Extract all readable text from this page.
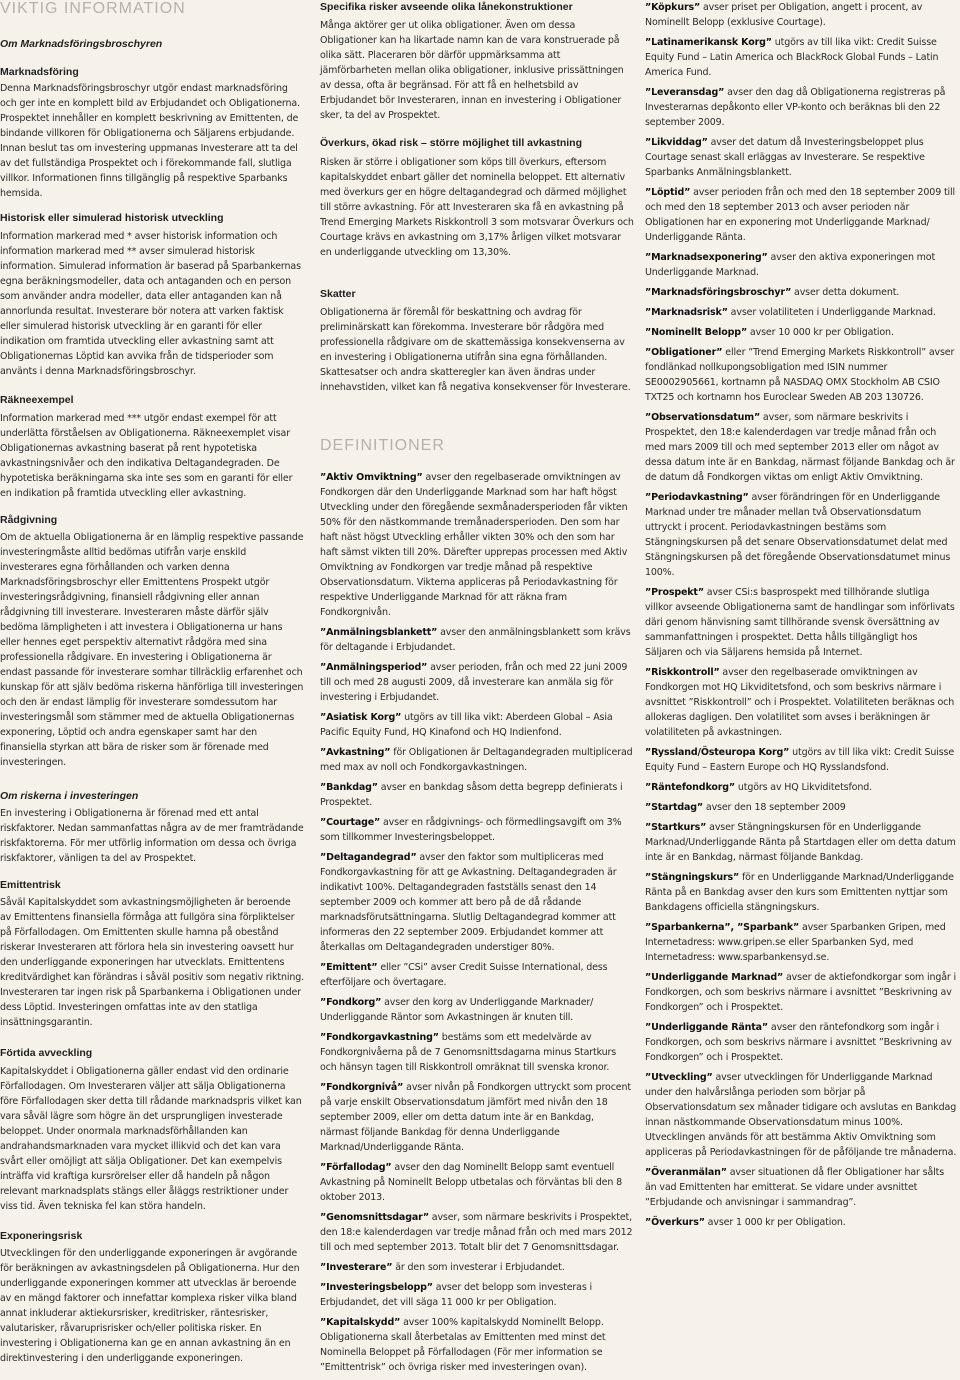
VIKTIG INFORMATION
Om Marknadsföringsbroschyren
Marknadsföring

Denna Marknadsföringsbroschyr utgör endast marknadsföring och ger inte en komplett bild av Erbjudandet och Obligationerna. Prospektet innehåller en komplett beskrivning av Emittenten, de bindande villkoren för Obligationerna och Säljarens erbjudande. Innan beslut tas om investering uppmanas Investerare att ta del av det fullständiga Prospektet och i förekommande fall, slutliga villkor. Informationen finns tillgänglig på respektive Sparbanks hemsida.

Historisk eller simulerad historisk utveckling

Information markerad med * avser historisk information och information markerad med ** avser simulerad historisk information. Simulerad information är baserad på Sparbankernas egna beräkningsmodeller, data och antaganden och en person som använder andra modeller, data eller antaganden kan nå annorlunda resultat. Investerare bör notera att varken faktisk eller simulerad historisk utveckling är en garanti för eller indikation om framtida utveckling eller avkastning samt att Obligationernas Löptid kan avvika från de tidsperioder som använts i denna Marknadsföringsbroschyr.

Räkneexempel

Information markerad med *** utgör endast exempel för att underlätta förståelsen av Obligationerna. Räkneexemplet visar Obligationernas avkastning baserat på rent hypotetiska avkastningsnivåer och den indikativa Deltagandegraden. De hypotetiska beräkningarna ska inte ses som en garanti för eller en indikation på framtida utveckling eller avkastning.

Rådgivning

Om de aktuella Obligationerna är en lämplig respektive passande investeringmåste alltid bedömas utifrån varje enskild investerares egna förhållanden och varken denna Marknadsföringsbroschyr eller Emittentens Prospekt utgör investeringsrådgivning, finansiell rådgivning eller annan rådgivning till investerare. Investeraren måste därför själv bedöma lämpligheten i att investera i Obligationerna ur hans eller hennes eget perspektiv alternativt rådgöra med sina professionella rådgivare. En investering i Obligationerna är endast passande för investerare somhar tillräcklig erfarenhet och kunskap för att själv bedöma riskerna hänförliga till investeringen och den är endast lämplig för investerare somdessutom har investeringsmål som stämmer med de aktuella Obligationernas exponering, Löptid och andra egenskaper samt har den finansiella styrkan att bära de risker som är förenade med investeringen.

Om riskerna i investeringen

En investering i Obligationerna är förenad med ett antal riskfaktorer. Nedan sammanfattas några av de mer framträdande riskfaktorerna. För mer utförlig information om dessa och övriga riskfaktorer, vänligen ta del av Prospektet.

Emittentrisk

Såväl Kapitalskyddet som avkastningsmöjligheten är beroende av Emittentens finansiella förmåga att fullgöra sina förpliktelser på Förfallodagen. Om Emittenten skulle hamna på obestånd riskerar Investeraren att förlora hela sin investering oavsett hur den underliggande exponeringen har utvecklats. Emittentens kreditvärdighet kan förändras i såväl positiv som negativ riktning. Investeraren tar ingen risk på Sparbankerna i Obligationen under dess Löptid. Investeringen omfattas inte av den statliga insättningsgarantin.

Förtida avveckling

Kapitalskyddet i Obligationerna gäller endast vid den ordinarie Förfallodagen. Om Investeraren väljer att sälja Obligationerna före Förfallodagen sker detta till rådande marknadspris vilket kan vara såväl lägre som högre än det ursprungligen investerade beloppet. Under onormala marknadsförhållanden kan andrahandsmarknaden vara mycket illikvid och det kan vara svårt eller omöjligt att sälja Obligationer. Det kan exempelvis inträffa vid kraftiga kursrörelser eller då handeln på någon relevant marknadsplats stängs eller åläggs restriktioner under viss tid. Även tekniska fel kan störa handeln.

Exponeringsrisk

Utvecklingen för den underliggande exponeringen är avgörande för beräkningen av avkastningsdelen på Obligationerna. Hur den underliggande exponeringen kommer att utvecklas är beroende av en mängd faktorer och innefattar komplexa risker vilka bland annat inkluderar aktiekursrisker, kreditrisker, räntesrisker, valutarisker, råvaruprisrisker och/eller politiska risker. En investering i Obligationerna kan ge en annan avkastning än en direktinvestering i den underliggande exponeringen.

Specifika risker avseende olika lånekonstruktioner

Många aktörer ger ut olika obligationer. Även om dessa Obligationer kan ha likartade namn kan de vara konstruerade på olika sätt. Placeraren bör därför uppmärksamma att jämförbarheten mellan olika obligationer, inklusive prissättningen av dessa, ofta är begränsad. För att få en helhetsbild av Erbjudandet bör Investeraren, innan en investering i Obligationer sker, ta del av Prospektet.

Överkurs, ökad risk – större möjlighet till avkastning

Risken är större i obligationer som köps till överkurs, eftersom kapitalskyddet enbart gäller det nominella beloppet. Ett alternativ med överkurs ger en högre deltagandegrad och därmed möjlighet till större avkastning. För att Investeraren ska få en avkastning på Trend Emerging Markets Riskkontroll 3 som motsvarar Överkurs och Courtage krävs en avkastning om 3,17% årligen vilket motsvarar en underliggande utveckling om 13,30%.

Skatter

Obligationerna är föremål för beskattning och avdrag för preliminärskatt kan förekomma. Investerare bör rådgöra med professionella rådgivare om de skattemässiga konsekvenserna av en investering i Obligationerna utifrån sina egna förhållanden. Skattesatser och andra skatteregler kan även ändras under innehavstiden, vilket kan få negativa konsekvenser för Investerare.

DEFINITIONER

”Aktiv Omviktning” avser den regelbaserade omviktningen av Fondkorgen där den Underliggande Marknad som har haft högst Utveckling under den föregående sexmånadersperioden får vikten 50% för den nästkommande tremånadersperioden. Den som har haft näst högst Utveckling erhåller vikten 30% och den som har haft sämst vikten till 20%. Därefter upprepas processen med Aktiv Omviktning av Fondkorgen var tredje månad på respektive Observationsdatum. Vikterna appliceras på Periodavkastning för respektive Underliggande Marknad för att räkna fram Fondkorgnivån.

”Anmälningsblankett” avser den anmälningsblankett som krävs för deltagande i Erbjudandet.

”Anmälningsperiod” avser perioden, från och med 22 juni 2009 till och med 28 augusti 2009, då investerare kan anmäla sig för investering i Erbjudandet.

”Asiatisk Korg” utgörs av till lika vikt: Aberdeen Global – Asia Pacific Equity Fund, HQ Kinafond och HQ Indienfond.

”Avkastning” för Obligationen är Deltagandegraden multiplicerad med max av noll och Fondkorgavkastningen.

”Bankdag” avser en bankdag såsom detta begrepp definierats i Prospektet.

”Courtage” avser en rådgivnings- och förmedlingsavgift om 3% som tillkommer Investeringsbeloppet.

”Deltagandegrad” avser den faktor som multipliceras med Fondkorgavkastning för att ge Avkastning. Deltagandegraden är indikativt 100%. Deltagandegraden fastställs senast den 14 september 2009 och kommer att bero på de då rådande marknadsförutsättningarna. Slutlig Deltagandegrad kommer att informeras den 22 september 2009. Erbjudandet kommer att återkallas om Deltagandegraden understiger 80%.

”Emittent” eller ”CSi” avser Credit Suisse International, dess efterföljare och övertagare.

”Fondkorg” avser den korg av Underliggande Marknader/ Underliggande Räntor som Avkastningen är knuten till.

”Fondkorgavkastning” bestäms som ett medelvärde av Fondkorgnivåerna på de 7 Genomsnittsdagarna minus Startkurs och hänsyn tagen till Riskkontroll omräknat till svenska kronor.

”Fondkorgnivå” avser nivån på Fondkorgen uttryckt som procent på varje enskilt Observationsdatum jämfört med nivån den 18 september 2009, eller om detta datum inte är en Bankdag, närmast följande Bankdag för denna Underliggande Marknad/Underliggande Ränta.

”Förfallodag” avser den dag Nominellt Belopp samt eventuell Avkastning på Nominellt Belopp utbetalas och förväntas bli den 8 oktober 2013.

”Genomsnittsdagar” avser, som närmare beskrivits i Prospektet, den 18:e kalenderdagen var tredje månad från och med mars 2012 till och med september 2013. Totalt blir det 7 Genomsnittsdagar.

”Investerare” är den som investerar i Erbjudandet.

”Investeringsbelopp” avser det belopp som investeras i Erbjudandet, det vill säga 11 000 kr per Obligation.

”Kapitalskydd” avser 100% kapitalskydd Nominellt Belopp. Obligationerna skall återbetalas av Emittenten med minst det Nominella Beloppet på Förfallodagen (För mer information se ”Emittentrisk” och övriga risker med investeringen ovan).

”Köpkurs” avser priset per Obligation, angett i procent, av Nominellt Belopp (exklusive Courtage).

”Latinamerikansk Korg” utgörs av till lika vikt: Credit Suisse Equity Fund – Latin America och BlackRock Global Funds – Latin America Fund.

”Leveransdag” avser den dag då Obligationerna registreras på Investerarnas depåkonto eller VP-konto och beräknas bli den 22 september 2009.

”Likviddag” avser det datum då Investeringsbeloppet plus Courtage senast skall erläggas av Investerare. Se respektive Sparbanks Anmälningsblankett.

”Löptid” avser perioden från och med den 18 september 2009 till och med den 18 september 2013 och avser perioden när Obligationen har en exponering mot Underliggande Marknad/ Underliggande Ränta.

”Marknadsexponering” avser den aktiva exponeringen mot Underliggande Marknad.

”Marknadsföringsbroschyr” avser detta dokument.

”Marknadsrisk” avser volatiliteten i Underliggande Marknad.

”Nominellt Belopp” avser 10 000 kr per Obligation.

”Obligationer” eller ”Trend Emerging Markets Riskkontroll” avser fondlänkad nollkupongsobligation med ISIN nummer SE0002905661, kortnamn på NASDAQ OMX Stockholm AB CSIO TXT25 och kortnamn hos Euroclear Sweden AB 203 130726.

”Observationsdatum” avser, som närmare beskrivits i Prospektet, den 18:e kalenderdagen var tredje månad från och med mars 2009 till och med september 2013 eller om något av dessa datum inte är en Bankdag, närmast följande Bankdag och är de datum då Fondkorgen viktas om enligt Aktiv Omviktning.

”Periodavkastning” avser förändringen för en Underliggande Marknad under tre månader mellan två Observationsdatum uttryckt i procent. Periodavkastningen bestäms som Stängningskursen på det senare Observationsdatumet delat med Stängningskursen på det föregående Observationsdatumet minus 100%.

”Prospekt” avser CSi:s basprospekt med tillhörande slutliga villkor avseende Obligationerna samt de handlingar som införlivats däri genom hänvisning samt tillhörande svensk översättning av sammanfattningen i prospektet. Detta hålls tillgängligt hos Säljaren och via Säljarens hemsida på Internet.

”Riskkontroll” avser den regelbaserade omviktningen av Fondkorgen mot HQ Likviditetsfond, och som beskrivs närmare i avsnittet ”Riskkontroll” och i Prospektet. Volatiliteten beräknas och allokeras dagligen. Den volatilitet som avses i beräkningen är volatiliteten på avkastningen.

”Ryssland/Östeuropa Korg” utgörs av till lika vikt: Credit Suisse Equity Fund – Eastern Europe och HQ Rysslandsfond.

”Räntefondkorg” utgörs av HQ Likviditetsfond.

”Startdag” avser den 18 september 2009

”Startkurs” avser Stängningskursen för en Underliggande Marknad/Underliggande Ränta på Startdagen eller om detta datum inte är en Bankdag, närmast följande Bankdag.

”Stängningskurs” för en Underliggande Marknad/Underliggande Ränta på en Bankdag avser den kurs som Emittenten nyttjar som Bankdagens officiella stängningskurs.

”Sparbankerna”, ”Sparbank” avser Sparbanken Gripen, med Internetadress: www.gripen.se eller Sparbanken Syd, med Internetadress: www.sparbankensyd.se.

”Underliggande Marknad” avser de aktiefondkorgar som ingår i Fondkorgen, och som beskrivs närmare i avsnittet ”Beskrivning av Fondkorgen” och i Prospektet.

”Underliggande Ränta” avser den räntefondkorg som ingår i Fondkorgen, och som beskrivs närmare i avsnittet ”Beskrivning av Fondkorgen” och i Prospektet.

”Utveckling” avser utvecklingen för Underliggande Marknad under den halvårslånga perioden som börjar på Observationsdatum sex månader tidigare och avslutas en Bankdag innan nästkommande Observationsdatum minus 100%. Utvecklingen används för att bestämma Aktiv Omviktning som appliceras på Periodavkastningen för de påföljande tre månaderna.

”Överanmälan” avser situationen då fler Obligationer har sålts än vad Emittenten har emitterat. Se vidare under avsnittet ”Erbjudande och anvisningar i sammandrag”.

”Överkurs” avser 1 000 kr per Obligation.
